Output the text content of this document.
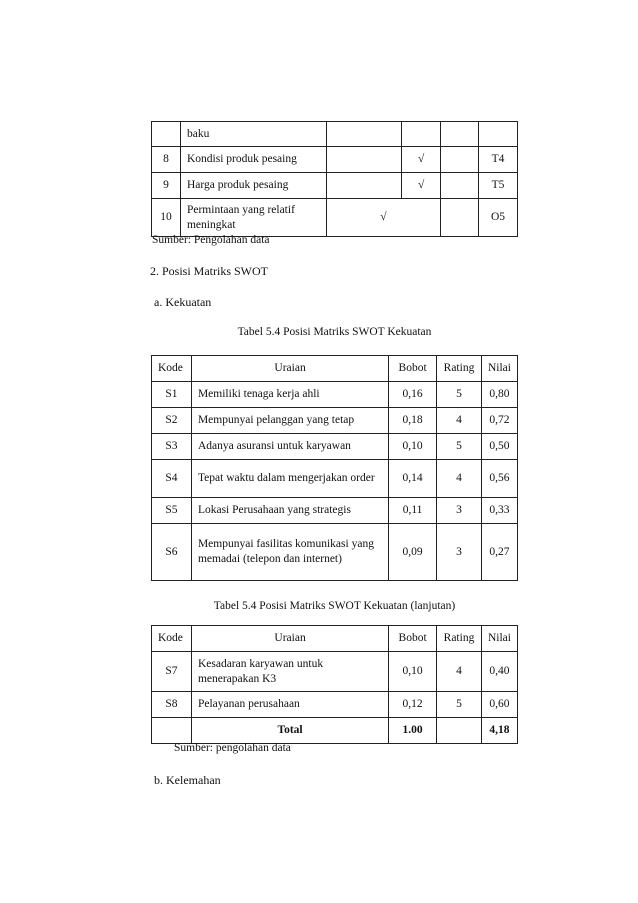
	baku				
8	Kondisi produk pesaing		√		T4
9	Harga produk pesaing		√		T5
10	Permintaan yang relatif meningkat	√			O5
Sumber: Pengolahan data
2. Posisi Matriks SWOT
a. Kekuatan
Tabel 5.4 Posisi Matriks SWOT Kekuatan
Kode	Uraian	Bobot	Rating	Nilai
S1	Memiliki tenaga kerja ahli	0,16	5	0,80
S2	Mempunyai pelanggan yang tetap	0,18	4	0,72
S3	Adanya asuransi untuk karyawan	0,10	5	0,50
S4	Tepat waktu dalam mengerjakan order	0,14	4	0,56
S5	Lokasi Perusahaan yang strategis	0,11	3	0,33
S6	Mempunyai fasilitas komunikasi yang memadai (telepon dan internet)	0,09	3	0,27
Tabel 5.4 Posisi Matriks SWOT Kekuatan (lanjutan)
Kode	Uraian	Bobot	Rating	Nilai
S7	Kesadaran karyawan untuk menerapakan K3	0,10	4	0,40
S8	Pelayanan perusahaan	0,12	5	0,60
	Total	1.00		4,18
Sumber: pengolahan data
b. Kelemahan
